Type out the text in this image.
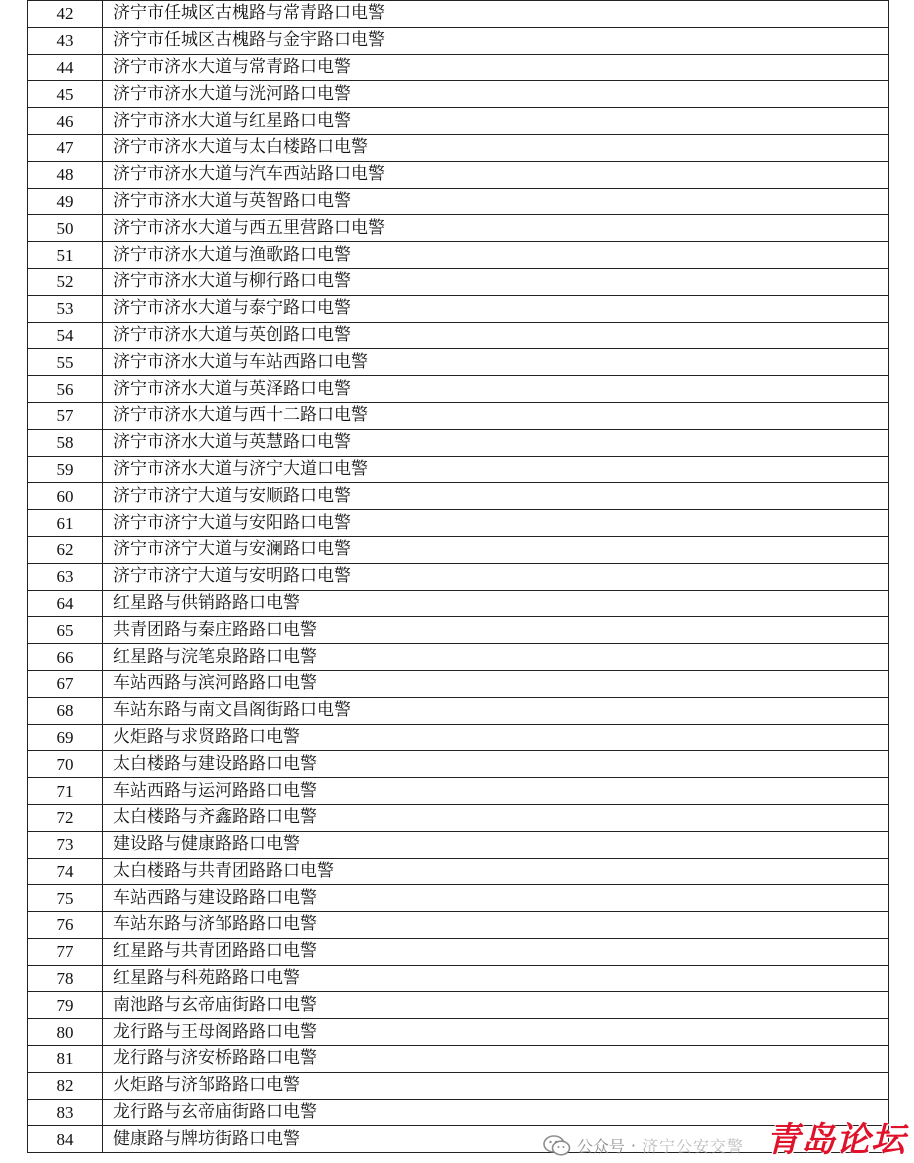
42	济宁市任城区古槐路与常青路口电警
43	济宁市任城区古槐路与金宇路口电警
44	济宁市济水大道与常青路口电警
45	济宁市济水大道与洸河路口电警
46	济宁市济水大道与红星路口电警
47	济宁市济水大道与太白楼路口电警
48	济宁市济水大道与汽车西站路口电警
49	济宁市济水大道与英智路口电警
50	济宁市济水大道与西五里营路口电警
51	济宁市济水大道与渔歌路口电警
52	济宁市济水大道与柳行路口电警
53	济宁市济水大道与泰宁路口电警
54	济宁市济水大道与英创路口电警
55	济宁市济水大道与车站西路口电警
56	济宁市济水大道与英泽路口电警
57	济宁市济水大道与西十二路口电警
58	济宁市济水大道与英慧路口电警
59	济宁市济水大道与济宁大道口电警
60	济宁市济宁大道与安顺路口电警
61	济宁市济宁大道与安阳路口电警
62	济宁市济宁大道与安澜路口电警
63	济宁市济宁大道与安明路口电警
64	红星路与供销路路口电警
65	共青团路与秦庄路路口电警
66	红星路与浣笔泉路路口电警
67	车站西路与滨河路路口电警
68	车站东路与南文昌阁街路口电警
69	火炬路与求贤路路口电警
70	太白楼路与建设路路口电警
71	车站西路与运河路路口电警
72	太白楼路与齐鑫路路口电警
73	建设路与健康路路口电警
74	太白楼路与共青团路路口电警
75	车站西路与建设路路口电警
76	车站东路与济邹路路口电警
77	红星路与共青团路路口电警
78	红星路与科苑路路口电警
79	南池路与玄帝庙街路口电警
80	龙行路与王母阁路路口电警
81	龙行路与济安桥路路口电警
82	火炬路与济邹路路口电警
83	龙行路与玄帝庙街路口电警
84	健康路与牌坊街路口电警	公众号 · 济宁公安交警 青岛论坛
